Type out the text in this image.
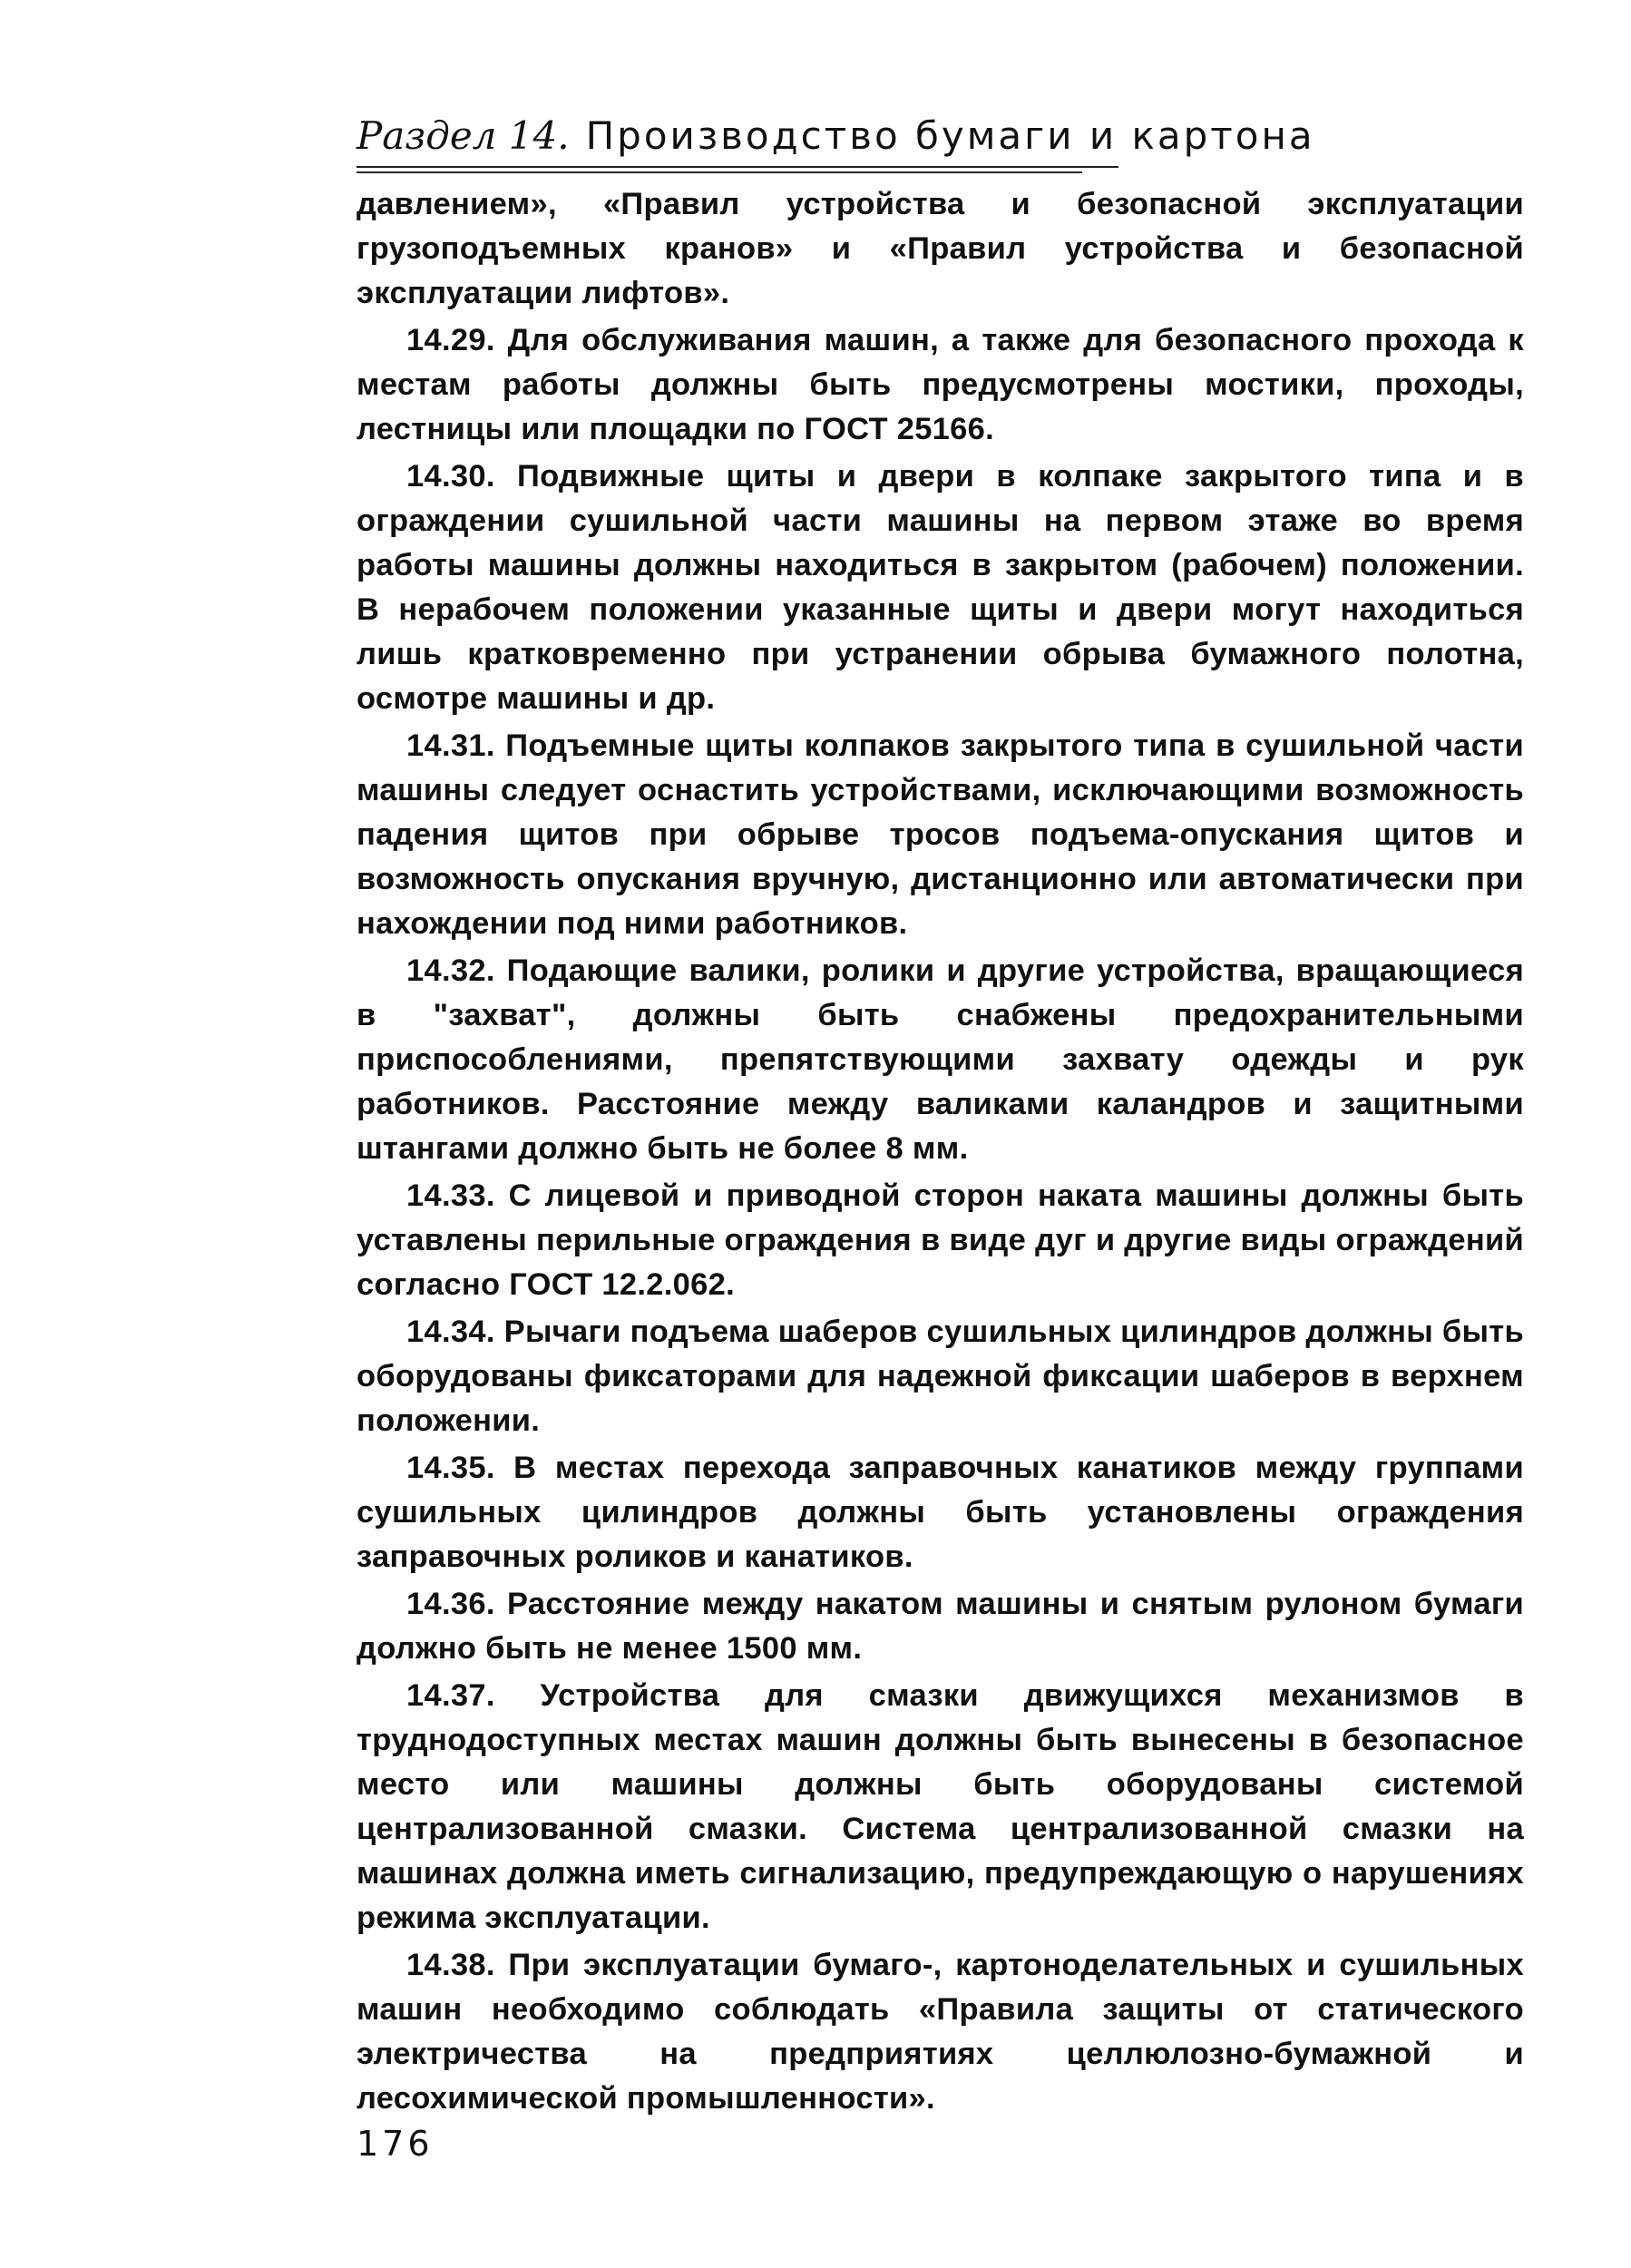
Раздел 14. Производство бумаги и картона

давлением», «Правил устройства и безопасной эксплуатации грузоподъемных кранов» и «Правил устройства и безопасной эксплуатации лифтов».

14.29. Для обслуживания машин, а также для безопасного прохода к местам работы должны быть предусмотрены мостики, проходы, лестницы или площадки по ГОСТ 25166.

14.30. Подвижные щиты и двери в колпаке закрытого типа и в ограждении сушильной части машины на первом этаже во время работы машины должны находиться в закрытом (рабочем) положении. В нерабочем положении указанные щиты и двери могут находиться лишь кратковременно при устранении обрыва бумажного полотна, осмотре машины и др.

14.31. Подъемные щиты колпаков закрытого типа в сушильной части машины следует оснастить устройствами, исключающими возможность падения щитов при обрыве тросов подъема-опускания щитов и возможность опускания вручную, дистанционно или автоматически при нахождении под ними работников.

14.32. Подающие валики, ролики и другие устройства, вращающиеся в "захват", должны быть снабжены предохранительными приспособлениями, препятствующими захвату одежды и рук работников. Расстояние между валиками каландров и защитными штангами должно быть не более 8 мм.

14.33. С лицевой и приводной сторон наката машины должны быть уставлены перильные ограждения в виде дуг и другие виды ограждений согласно ГОСТ 12.2.062.

14.34. Рычаги подъема шаберов сушильных цилиндров должны быть оборудованы фиксаторами для надежной фиксации шаберов в верхнем положении.

14.35. В местах перехода заправочных канатиков между группами сушильных цилиндров должны быть установлены ограждения заправочных роликов и канатиков.

14.36. Расстояние между накатом машины и снятым рулоном бумаги должно быть не менее 1500 мм.

14.37. Устройства для смазки движущихся механизмов в труднодоступных местах машин должны быть вынесены в безопасное место или машины должны быть оборудованы системой централизованной смазки. Система централизованной смазки на машинах должна иметь сигнализацию, предупреждающую о нарушениях режима эксплуатации.

14.38. При эксплуатации бумаго-, картоноделательных и сушильных машин необходимо соблюдать «Правила защиты от статического электричества на предприятиях целлюлозно-бумажной и лесохимической промышленности».

176
